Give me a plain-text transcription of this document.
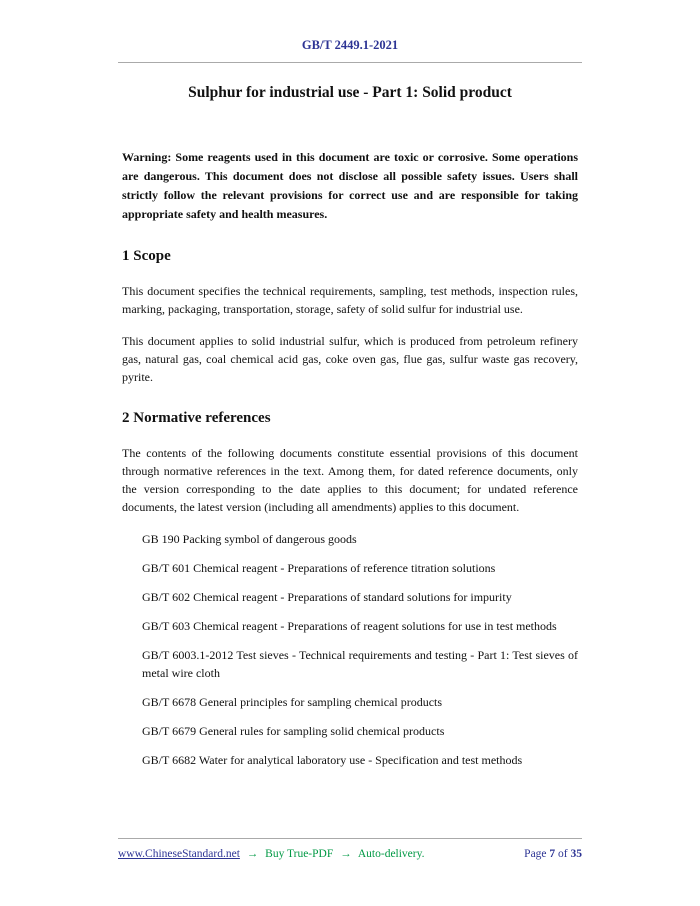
GB/T 2449.1-2021
Sulphur for industrial use - Part 1: Solid product

Warning: Some reagents used in this document are toxic or corrosive. Some operations are dangerous. This document does not disclose all possible safety issues. Users shall strictly follow the relevant provisions for correct use and are responsible for taking appropriate safety and health measures.

1 Scope

This document specifies the technical requirements, sampling, test methods, inspection rules, marking, packaging, transportation, storage, safety of solid sulfur for industrial use.

This document applies to solid industrial sulfur, which is produced from petroleum refinery gas, natural gas, coal chemical acid gas, coke oven gas, flue gas, sulfur waste gas recovery, pyrite.

2 Normative references

The contents of the following documents constitute essential provisions of this document through normative references in the text. Among them, for dated reference documents, only the version corresponding to the date applies to this document; for undated reference documents, the latest version (including all amendments) applies to this document.

GB 190 Packing symbol of dangerous goods

GB/T 601 Chemical reagent - Preparations of reference titration solutions

GB/T 602 Chemical reagent - Preparations of standard solutions for impurity

GB/T 603 Chemical reagent - Preparations of reagent solutions for use in test methods

GB/T 6003.1-2012 Test sieves - Technical requirements and testing - Part 1: Test sieves of metal wire cloth

GB/T 6678 General principles for sampling chemical products

GB/T 6679 General rules for sampling solid chemical products

GB/T 6682 Water for analytical laboratory use - Specification and test methods

www.ChineseStandard.net → Buy True-PDF → Auto-delivery.	Page 7 of 35
